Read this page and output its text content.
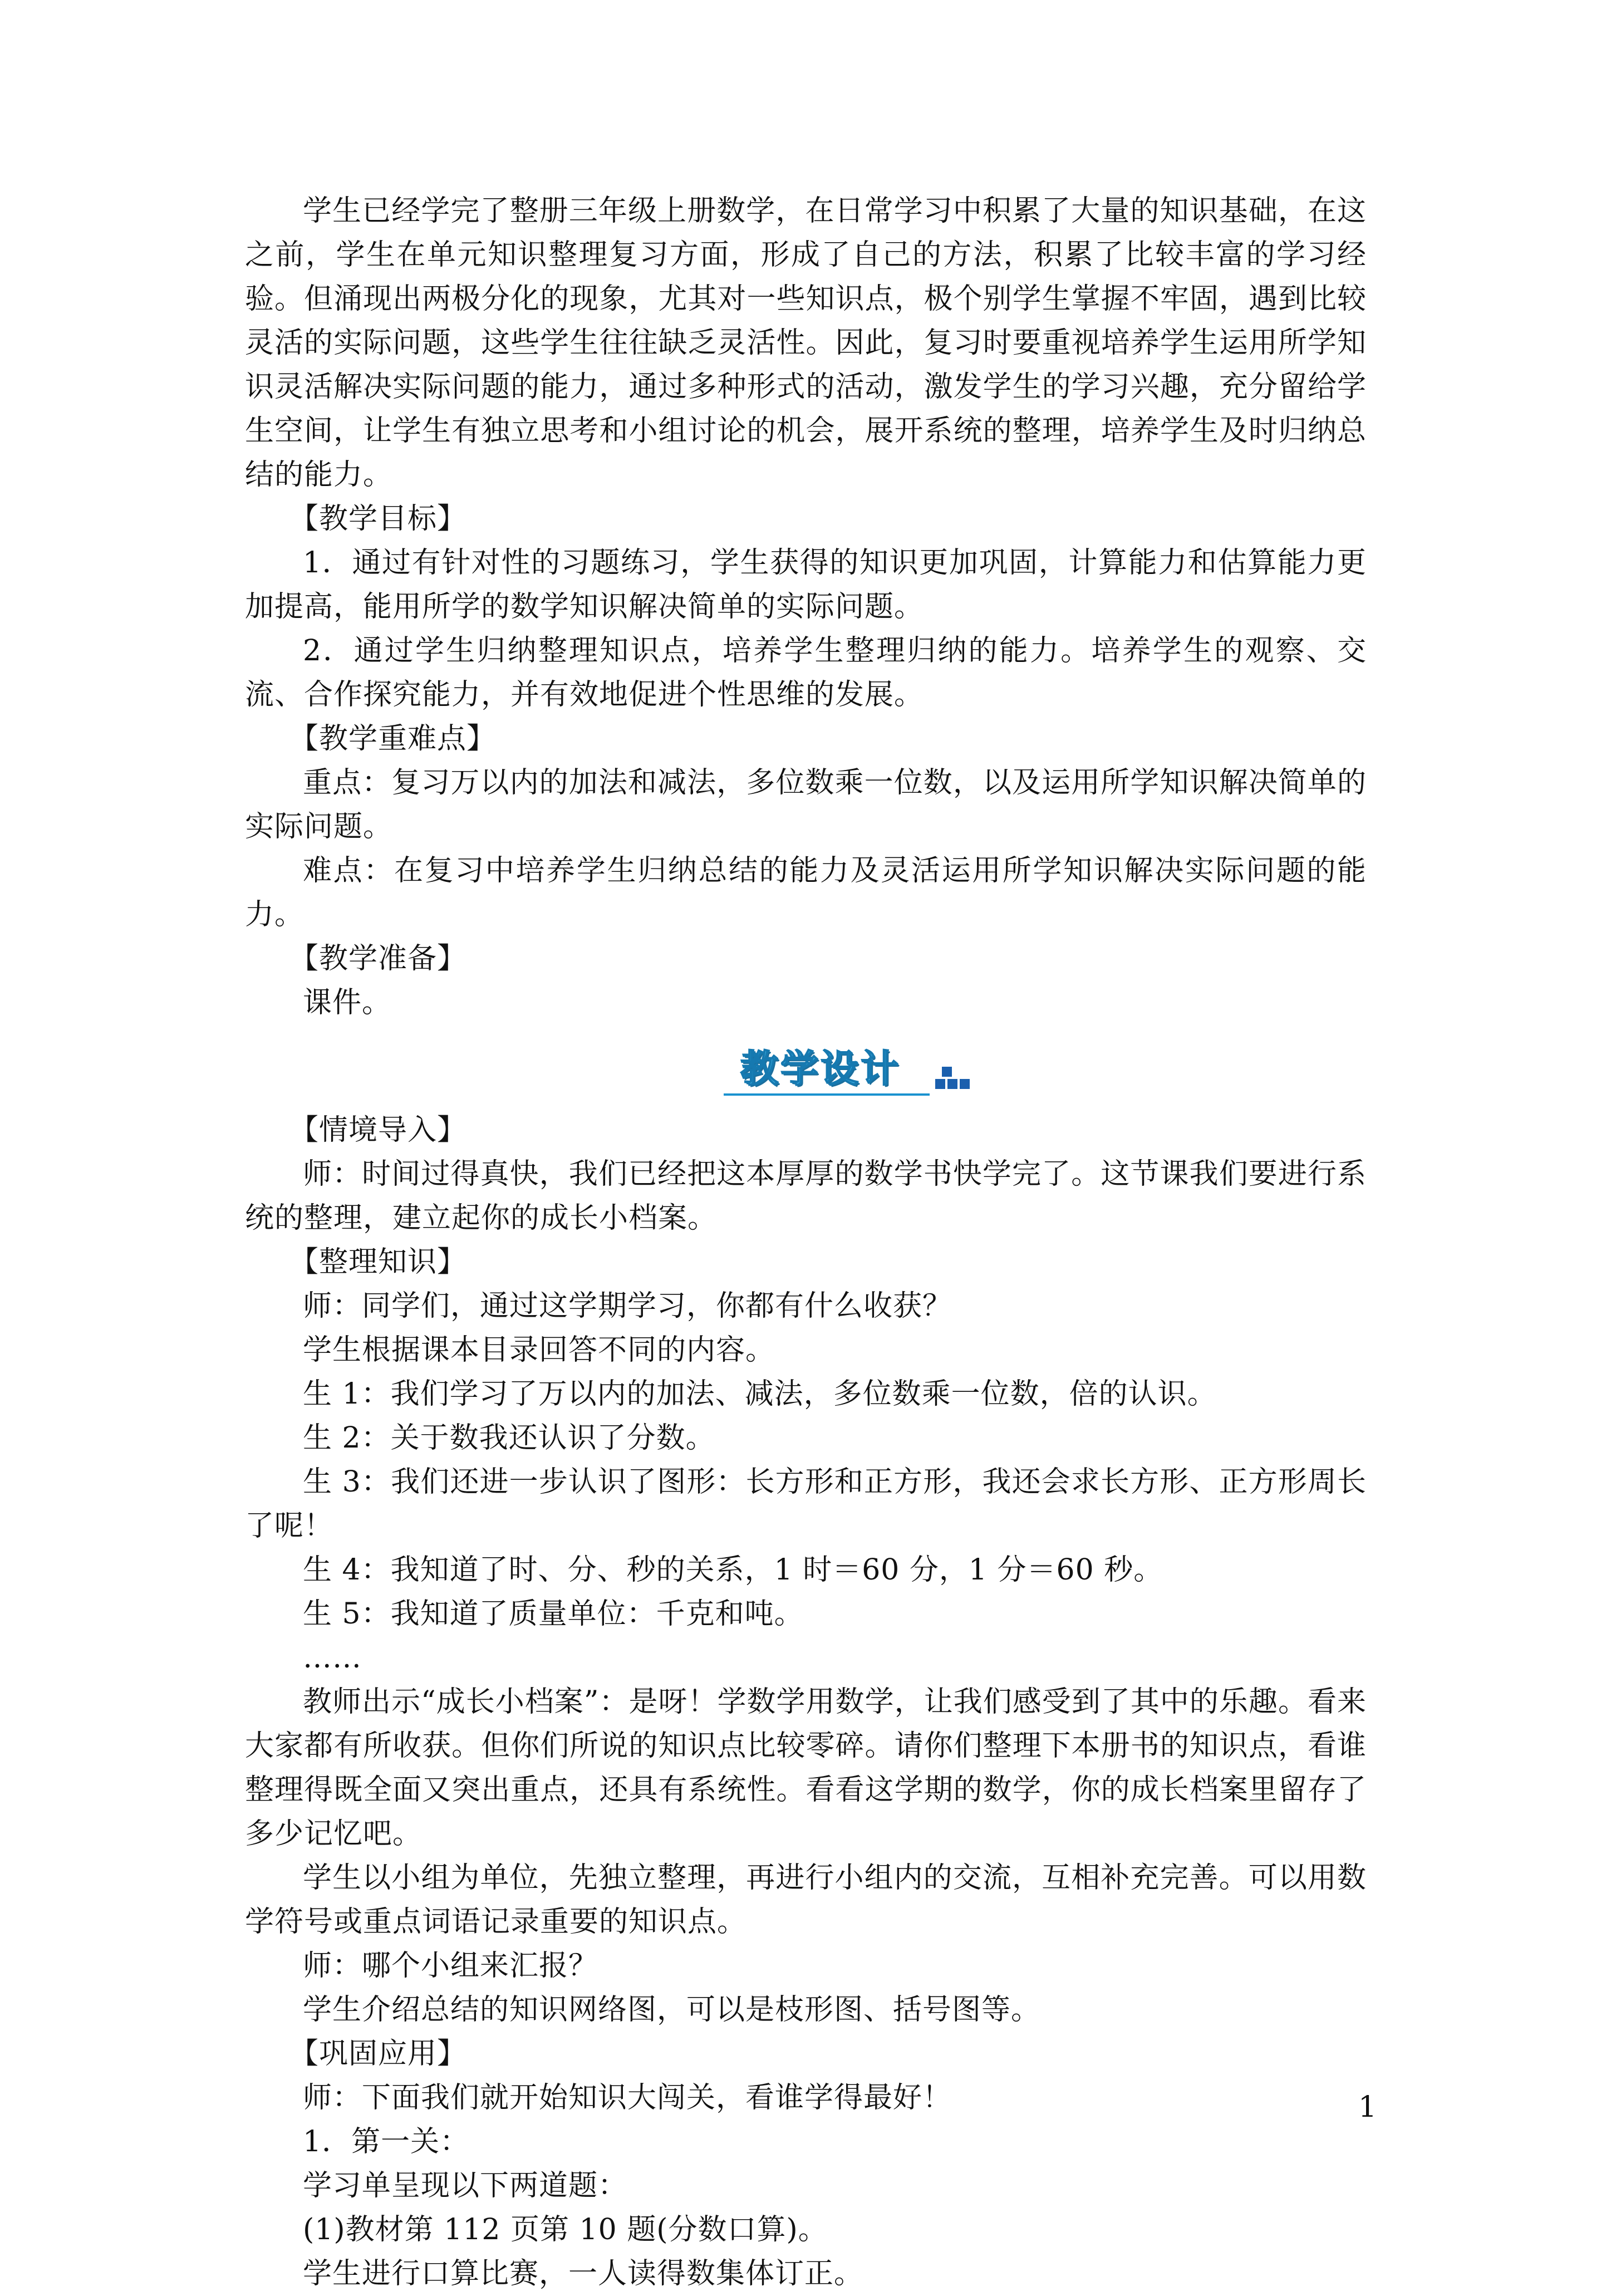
学生已经学完了整册三年级上册数学，在日常学习中积累了大量的知识基础，在这之前，学生在单元知识整理复习方面，形成了自己的方法，积累了比较丰富的学习经验。但涌现出两极分化的现象，尤其对一些知识点，极个别学生掌握不牢固，遇到比较灵活的实际问题，这些学生往往缺乏灵活性。因此，复习时要重视培养学生运用所学知识灵活解决实际问题的能力，通过多种形式的活动，激发学生的学习兴趣，充分留给学生空间，让学生有独立思考和小组讨论的机会，展开系统的整理，培养学生及时归纳总结的能力。

【教学目标】

1．通过有针对性的习题练习，学生获得的知识更加巩固，计算能力和估算能力更加提高，能用所学的数学知识解决简单的实际问题。

2．通过学生归纳整理知识点，培养学生整理归纳的能力。培养学生的观察、交流、合作探究能力，并有效地促进个性思维的发展。

【教学重难点】

重点：复习万以内的加法和减法，多位数乘一位数，以及运用所学知识解决简单的实际问题。

难点：在复习中培养学生归纳总结的能力及灵活运用所学知识解决实际问题的能力。

【教学准备】

课件。

教学设计

【情境导入】

师：时间过得真快，我们已经把这本厚厚的数学书快学完了。这节课我们要进行系统的整理，建立起你的成长小档案。

【整理知识】

师：同学们，通过这学期学习，你都有什么收获？

学生根据课本目录回答不同的内容。

生 1：我们学习了万以内的加法、减法，多位数乘一位数，倍的认识。

生 2：关于数我还认识了分数。

生 3：我们还进一步认识了图形：长方形和正方形，我还会求长方形、正方形周长了呢！

生 4：我知道了时、分、秒的关系，1 时＝60 分，1 分＝60 秒。

生 5：我知道了质量单位：千克和吨。

……

教师出示“成长小档案”：是呀！学数学用数学，让我们感受到了其中的乐趣。看来大家都有所收获。但你们所说的知识点比较零碎。请你们整理下本册书的知识点，看谁整理得既全面又突出重点，还具有系统性。看看这学期的数学，你的成长档案里留存了多少记忆吧。

学生以小组为单位，先独立整理，再进行小组内的交流，互相补充完善。可以用数学符号或重点词语记录重要的知识点。

师：哪个小组来汇报？

学生介绍总结的知识网络图，可以是枝形图、括号图等。

【巩固应用】

师：下面我们就开始知识大闯关，看谁学得最好！

1．第一关：

学习单呈现以下两道题：

(1)教材第 112 页第 10 题(分数口算)。

学生进行口算比赛，一人读得数集体订正。

1
